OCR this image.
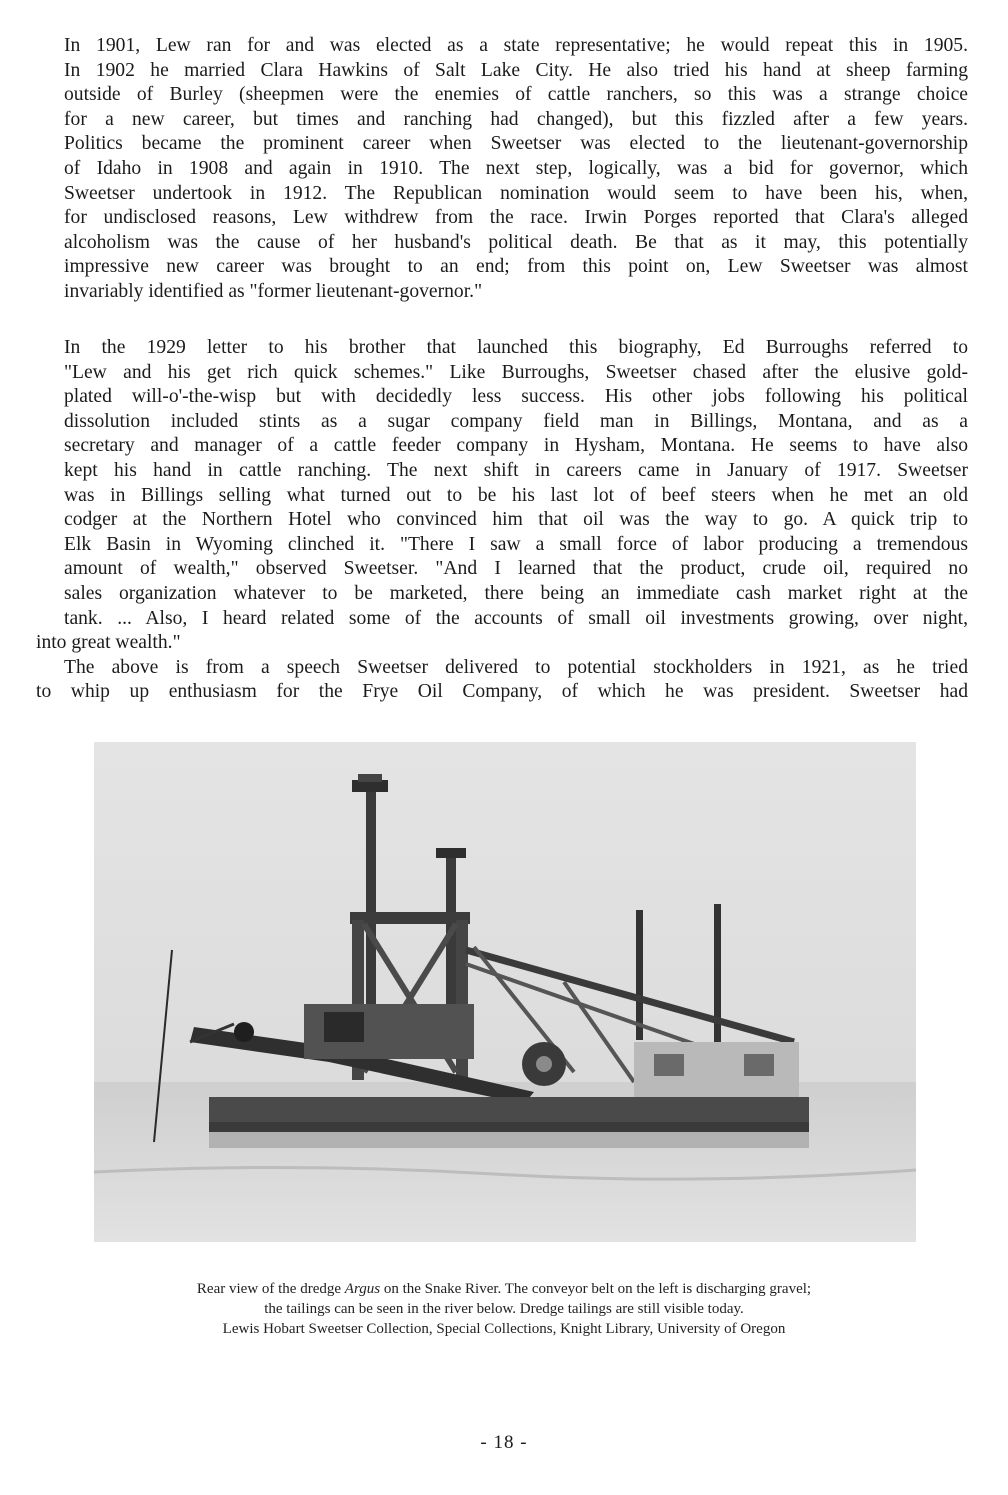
In 1901, Lew ran for and was elected as a state representative; he would repeat this in 1905.
In 1902 he married Clara Hawkins of Salt Lake City. He also tried his hand at sheep farming
outside of Burley (sheepmen were the enemies of cattle ranchers, so this was a strange choice
for a new career, but times and ranching had changed), but this fizzled after a few years.
Politics became the prominent career when Sweetser was elected to the lieutenant-governorship
of Idaho in 1908 and again in 1910. The next step, logically, was a bid for governor, which
Sweetser undertook in 1912. The Republican nomination would seem to have been his, when,
for undisclosed reasons, Lew withdrew from the race. Irwin Porges reported that Clara's alleged
alcoholism was the cause of her husband's political death. Be that as it may, this potentially
impressive new career was brought to an end; from this point on, Lew Sweetser was almost
invariably identified as "former lieutenant-governor."

In the 1929 letter to his brother that launched this biography, Ed Burroughs referred to
"Lew and his get rich quick schemes." Like Burroughs, Sweetser chased after the elusive gold-
plated will-o'-the-wisp but with decidedly less success. His other jobs following his political
dissolution included stints as a sugar company field man in Billings, Montana, and as a
secretary and manager of a cattle feeder company in Hysham, Montana. He seems to have also
kept his hand in cattle ranching. The next shift in careers came in January of 1917. Sweetser
was in Billings selling what turned out to be his last lot of beef steers when he met an old
codger at the Northern Hotel who convinced him that oil was the way to go. A quick trip to
Elk Basin in Wyoming clinched it. "There I saw a small force of labor producing a tremendous
amount of wealth," observed Sweetser. "And I learned that the product, crude oil, required no
sales organization whatever to be marketed, there being an immediate cash market right at the
tank. ... Also, I heard related some of the accounts of small oil investments growing, over night,
into great wealth."

The above is from a speech Sweetser delivered to potential stockholders in 1921, as he tried
to whip up enthusiasm for the Frye Oil Company, of which he was president. Sweetser had

Rear view of the dredge Argus on the Snake River. The conveyor belt on the left is discharging gravel;
the tailings can be seen in the river below. Dredge tailings are still visible today.
Lewis Hobart Sweetser Collection, Special Collections, Knight Library, University of Oregon
- 18 -
